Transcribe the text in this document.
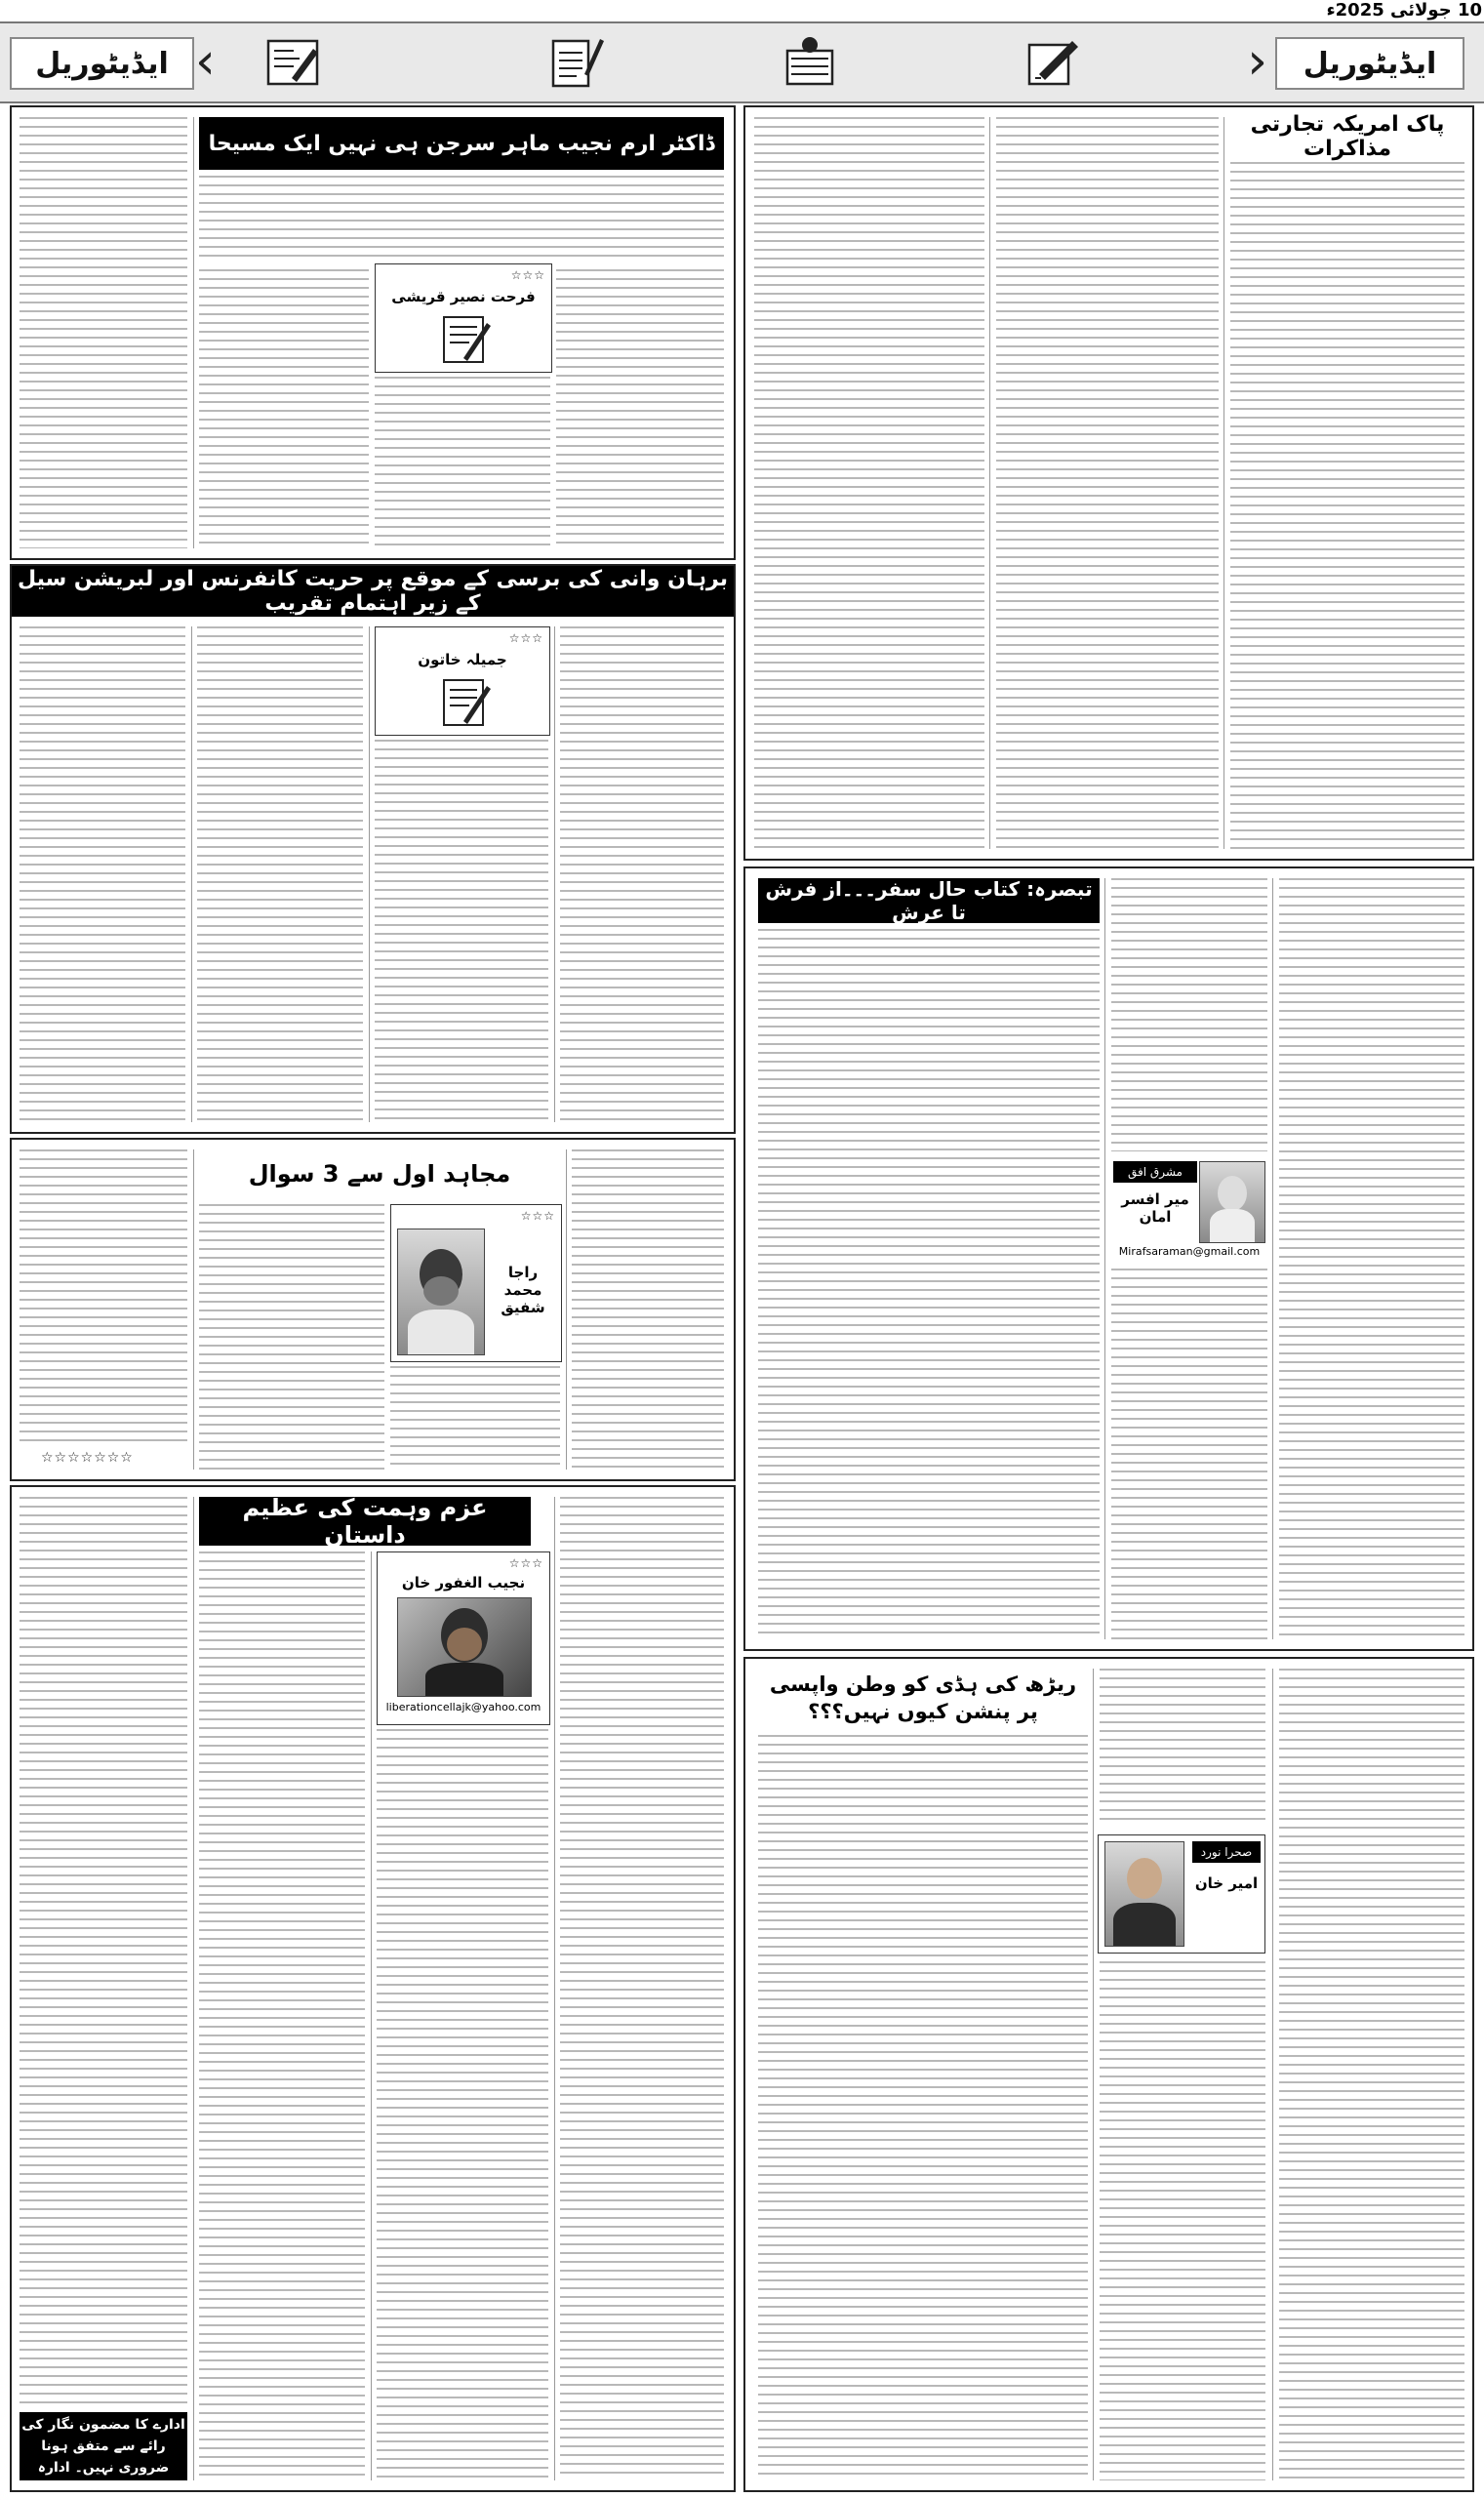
10 جولائی 2025ء
ایڈیٹوریل
‹
›
ایڈیٹوریل
پاک امریکہ تجارتی مذاکرات
مشرق افق
میر افسر امان
Mirafsaraman@gmail.com
تبصرہ: کتاب حال سفر۔۔۔از فرش تا عرش
صحرا نورد
امیر خان
ریڑھ کی ہڈی کو وطن واپسی پر پنشن کیوں نہیں؟؟؟
ڈاکٹر ارم نجیب ماہر سرجن ہی نہیں ایک مسیحا
☆☆☆
فرحت نصیر قریشی
برہان وانی کی برسی کے موقع پر حریت کانفرنس اور لبریشن سیل کے زیر اہتمام تقریب
☆☆☆
جمیلہ خاتون
☆☆☆☆☆☆☆
مجاہد اول سے 3 سوال
☆☆☆
راجا محمد شفیق
ادارے کا مضمون نگار کی رائے سے متفق ہونا ضروری نہیں۔ ادارہ
عزم وہمت کی عظیم داستان
☆☆☆
نجیب الغفور خان
liberationcellajk@yahoo.com
